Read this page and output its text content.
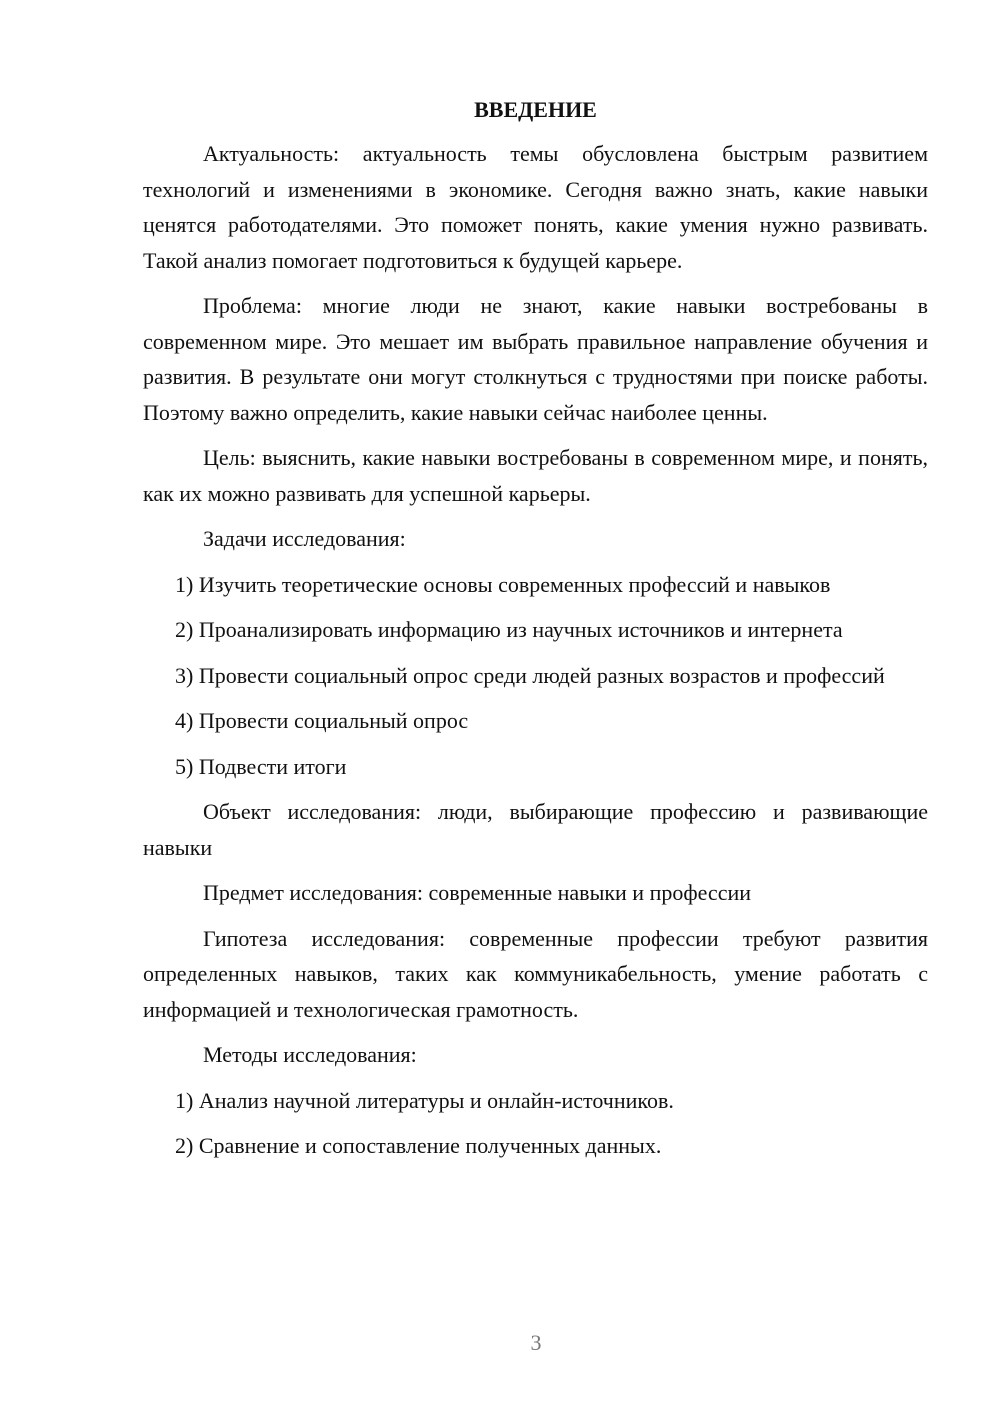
ВВЕДЕНИЕ
Актуальность: актуальность темы обусловлена быстрым развитием технологий и изменениями в экономике. Сегодня важно знать, какие навыки ценятся работодателями. Это поможет понять, какие умения нужно развивать. Такой анализ помогает подготовиться к будущей карьере.
Проблема: многие люди не знают, какие навыки востребованы в современном мире. Это мешает им выбрать правильное направление обучения и развития. В результате они могут столкнуться с трудностями при поиске работы. Поэтому важно определить, какие навыки сейчас наиболее ценны.
Цель: выяснить, какие навыки востребованы в современном мире, и понять, как их можно развивать для успешной карьеры.
Задачи исследования:
1) Изучить теоретические основы современных профессий и навыков
2) Проанализировать информацию из научных источников и интернета
3) Провести социальный опрос среди людей разных возрастов и профессий
4) Провести социальный опрос
5) Подвести итоги
Объект исследования: люди, выбирающие профессию и развивающие навыки
Предмет исследования: современные навыки и профессии
Гипотеза исследования: современные профессии требуют развития определенных навыков, таких как коммуникабельность, умение работать с информацией и технологическая грамотность.
Методы исследования:
1) Анализ научной литературы и онлайн-источников.
2) Сравнение и сопоставление полученных данных.
3
